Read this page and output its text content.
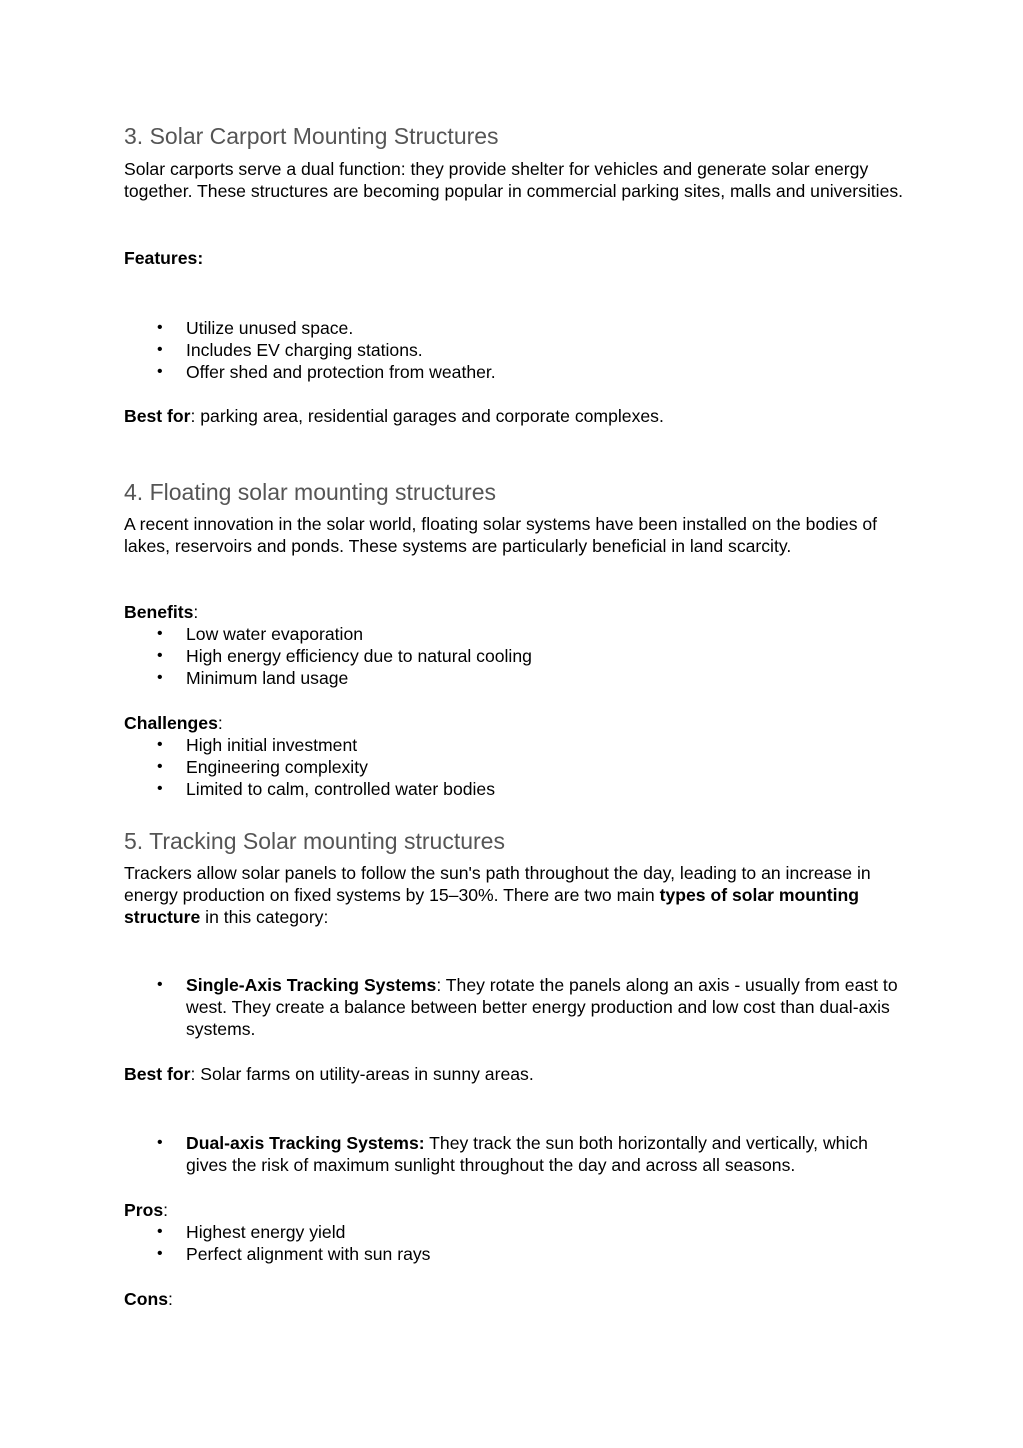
3. Solar Carport Mounting Structures

Solar carports serve a dual function: they provide shelter for vehicles and generate solar energy together. These structures are becoming popular in commercial parking sites, malls and universities.

Features:

• Utilize unused space.
• Includes EV charging stations.
• Offer shed and protection from weather.

Best for: parking area, residential garages and corporate complexes.

4. Floating solar mounting structures

A recent innovation in the solar world, floating solar systems have been installed on the bodies of lakes, reservoirs and ponds. These systems are particularly beneficial in land scarcity.

Benefits:

• Low water evaporation
• High energy efficiency due to natural cooling
• Minimum land usage

Challenges:

• High initial investment
• Engineering complexity
• Limited to calm, controlled water bodies
5. Tracking Solar mounting structures

Trackers allow solar panels to follow the sun's path throughout the day, leading to an increase in energy production on fixed systems by 15–30%. There are two main types of solar mounting structure in this category:

• Single-Axis Tracking Systems: They rotate the panels along an axis - usually from east to west. They create a balance between better energy production and low cost than dual-axis systems.

Best for: Solar farms on utility-areas in sunny areas.

• Dual-axis Tracking Systems: They track the sun both horizontally and vertically, which gives the risk of maximum sunlight throughout the day and across all seasons.

Pros:

• Highest energy yield
• Perfect alignment with sun rays

Cons:
